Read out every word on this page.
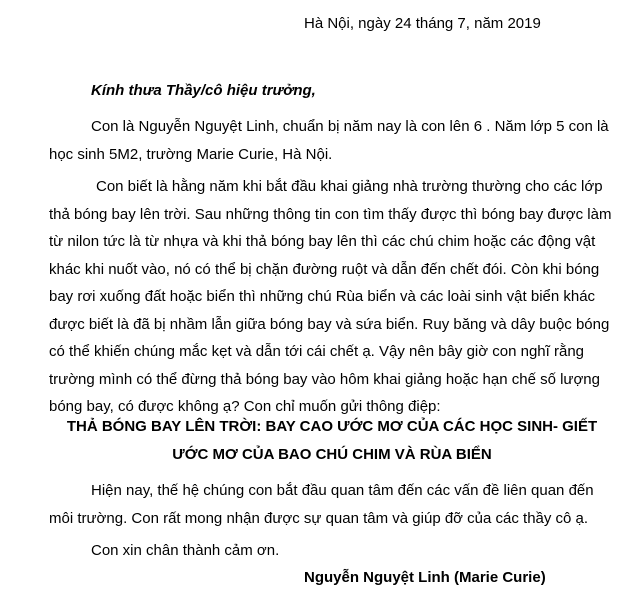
Hà Nội, ngày 24 tháng 7, năm 2019
Kính thưa Thầy/cô hiệu trưởng,
Con là Nguyễn Nguyệt Linh, chuẩn bị năm nay là con lên 6 . Năm lớp 5 con là học sinh 5M2, trường Marie Curie, Hà Nội.
Con biết là hằng năm khi bắt đầu khai giảng nhà trường thường cho các lớp thả bóng bay lên trời. Sau những thông tin con tìm thấy được thì bóng bay được làm từ nilon tức là từ nhựa và khi thả bóng bay lên thì các chú chim hoặc các động vật khác khi nuốt vào, nó có thể bị chặn đường ruột và dẫn đến chết đói. Còn khi bóng bay rơi xuống đất hoặc biển thì những chú Rùa biển và các loài sinh vật biển khác được biết là đã bị nhầm lẫn giữa bóng bay và sứa biển. Ruy băng và dây buộc bóng có thể khiến chúng mắc kẹt và dẫn tới cái chết ạ. Vậy nên bây giờ con nghĩ rằng trường mình có thể đừng thả bóng bay vào hôm khai giảng hoặc hạn chế số lượng bóng bay, có được không ạ? Con chỉ muốn gửi thông điệp:
THẢ BÓNG BAY LÊN TRỜI: BAY CAO ƯỚC MƠ CỦA CÁC HỌC SINH- GIẾT ƯỚC MƠ CỦA BAO CHÚ CHIM VÀ RÙA BIỂN
Hiện nay, thế hệ chúng con bắt đầu quan tâm đến các vấn đề liên quan đến môi trường. Con rất mong nhận được sự quan tâm và giúp đỡ của các thầy cô ạ.
Con xin chân thành cảm ơn.
Nguyễn Nguyệt Linh (Marie Curie)
